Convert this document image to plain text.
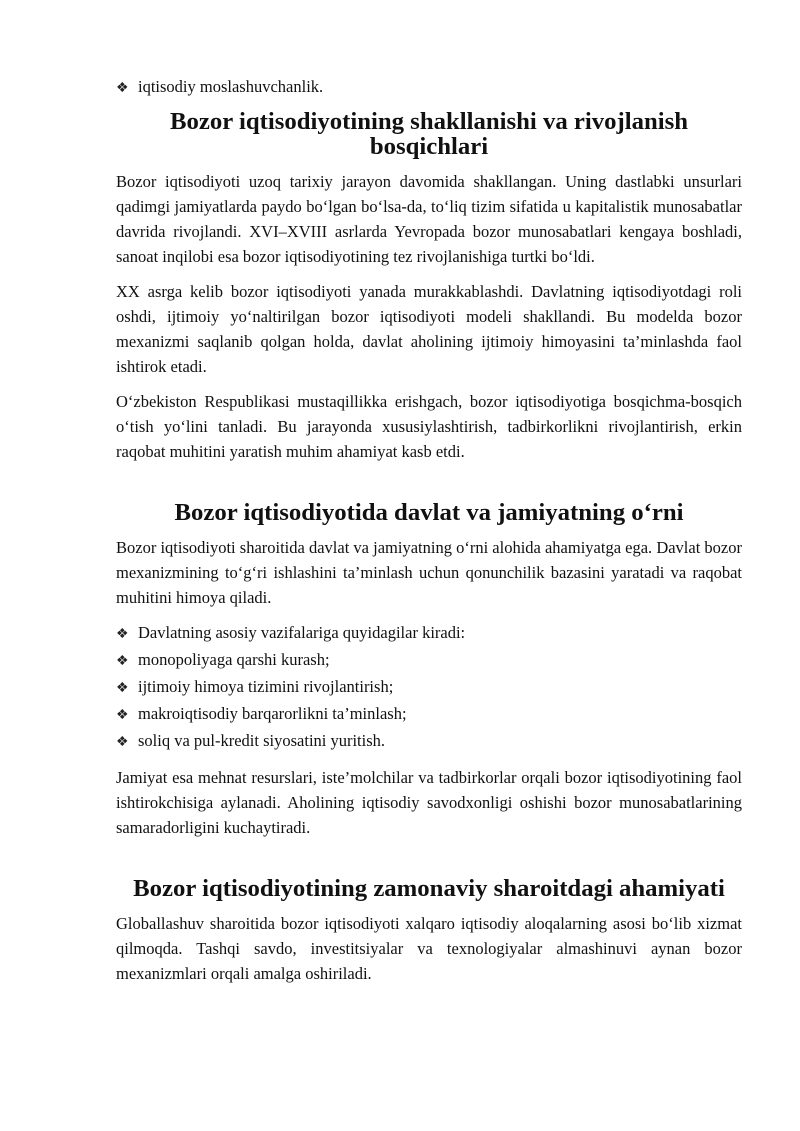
❖ iqtisodiy moslashuvchanlik.
Bozor iqtisodiyotining shakllanishi va rivojlanish bosqichlari

Bozor iqtisodiyoti uzoq tarixiy jarayon davomida shakllangan. Uning dastlabki unsurlari qadimgi jamiyatlarda paydo bo‘lgan bo‘lsa-da, to‘liq tizim sifatida u kapitalistik munosabatlar davrida rivojlandi. XVI–XVIII asrlarda Yevropada bozor munosabatlari kengaya boshladi, sanoat inqilobi esa bozor iqtisodiyotining tez rivojlanishiga turtki bo‘ldi.

XX asrga kelib bozor iqtisodiyoti yanada murakkablashdi. Davlatning iqtisodiyotdagi roli oshdi, ijtimoiy yo‘naltirilgan bozor iqtisodiyoti modeli shakllandi. Bu modelda bozor mexanizmi saqlanib qolgan holda, davlat aholining ijtimoiy himoyasini ta’minlashda faol ishtirok etadi.

O‘zbekiston Respublikasi mustaqillikka erishgach, bozor iqtisodiyotiga bosqichma-bosqich o‘tish yo‘lini tanladi. Bu jarayonda xususiylashtirish, tadbirkorlikni rivojlantirish, erkin raqobat muhitini yaratish muhim ahamiyat kasb etdi.

Bozor iqtisodiyotida davlat va jamiyatning o‘rni

Bozor iqtisodiyoti sharoitida davlat va jamiyatning o‘rni alohida ahamiyatga ega. Davlat bozor mexanizmining to‘g‘ri ishlashini ta’minlash uchun qonunchilik bazasini yaratadi va raqobat muhitini himoya qiladi.

❖ Davlatning asosiy vazifalariga quyidagilar kiradi:
❖ monopoliyaga qarshi kurash;
❖ ijtimoiy himoya tizimini rivojlantirish;
❖ makroiqtisodiy barqarorlikni ta’minlash;
❖ soliq va pul-kredit siyosatini yuritish.

Jamiyat esa mehnat resurslari, iste’molchilar va tadbirkorlar orqali bozor iqtisodiyotining faol ishtirokchisiga aylanadi. Aholining iqtisodiy savodxonligi oshishi bozor munosabatlarining samaradorligini kuchaytiradi.

Bozor iqtisodiyotining zamonaviy sharoitdagi ahamiyati

Globallashuv sharoitida bozor iqtisodiyoti xalqaro iqtisodiy aloqalarning asosi bo‘lib xizmat qilmoqda. Tashqi savdo, investitsiyalar va texnologiyalar almashinuvi aynan bozor mexanizmlari orqali amalga oshiriladi.
